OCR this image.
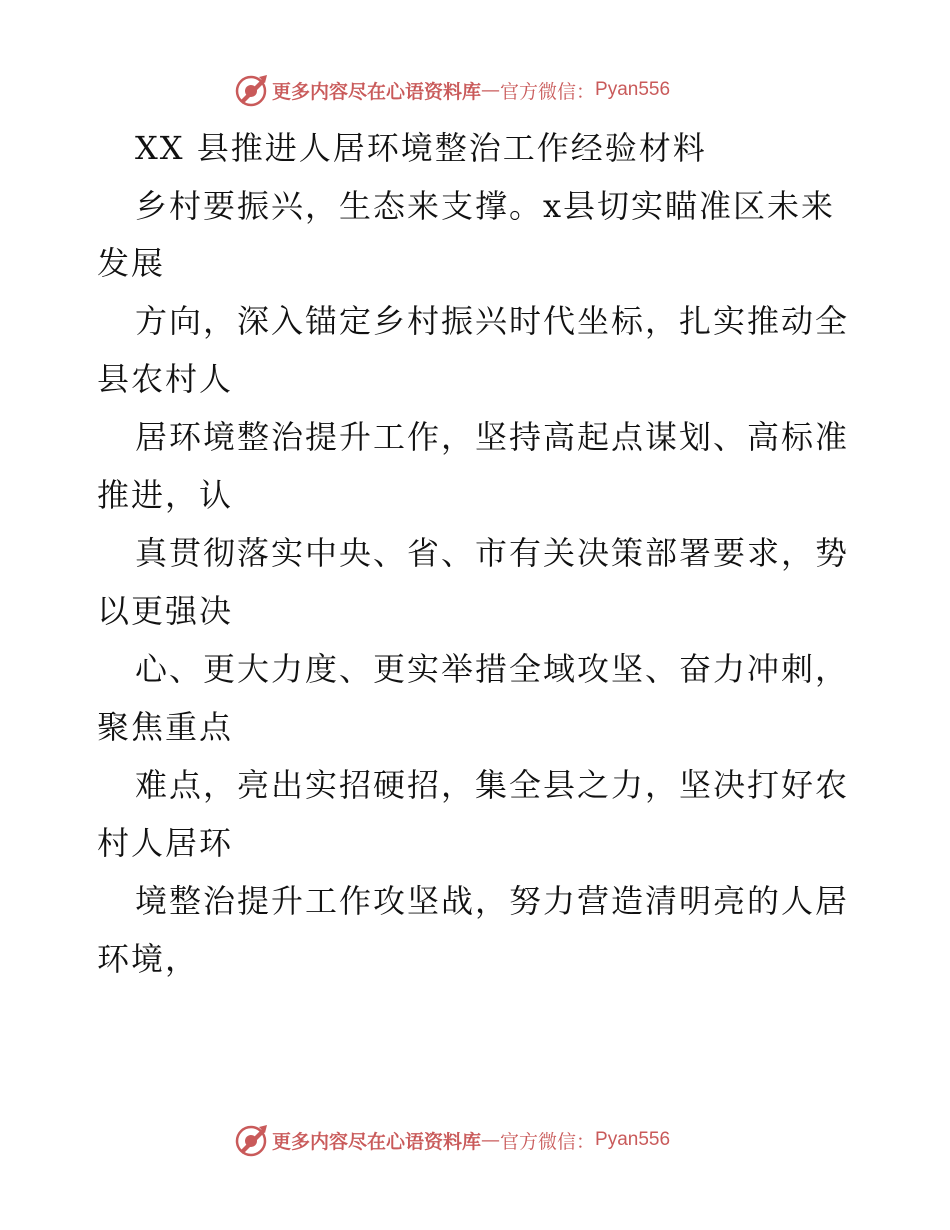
更多内容尽在心语资料库 — 官方微信： Pyan556
XX 县推进人居环境整治工作经验材料
乡村要振兴，生态来支撑。x县切实瞄准区未来
发展
方向，深入锚定乡村振兴时代坐标，扎实推动全
县农村人
居环境整治提升工作，坚持高起点谋划、高标准
推进，认
真贯彻落实中央、省、市有关决策部署要求，势
以更强决
心、更大力度、更实举措全域攻坚、奋力冲刺，
聚焦重点
难点，亮出实招硬招，集全县之力，坚决打好农
村人居环
境整治提升工作攻坚战，努力营造清明亮的人居
环境，
更多内容尽在心语资料库 — 官方微信： Pyan556
